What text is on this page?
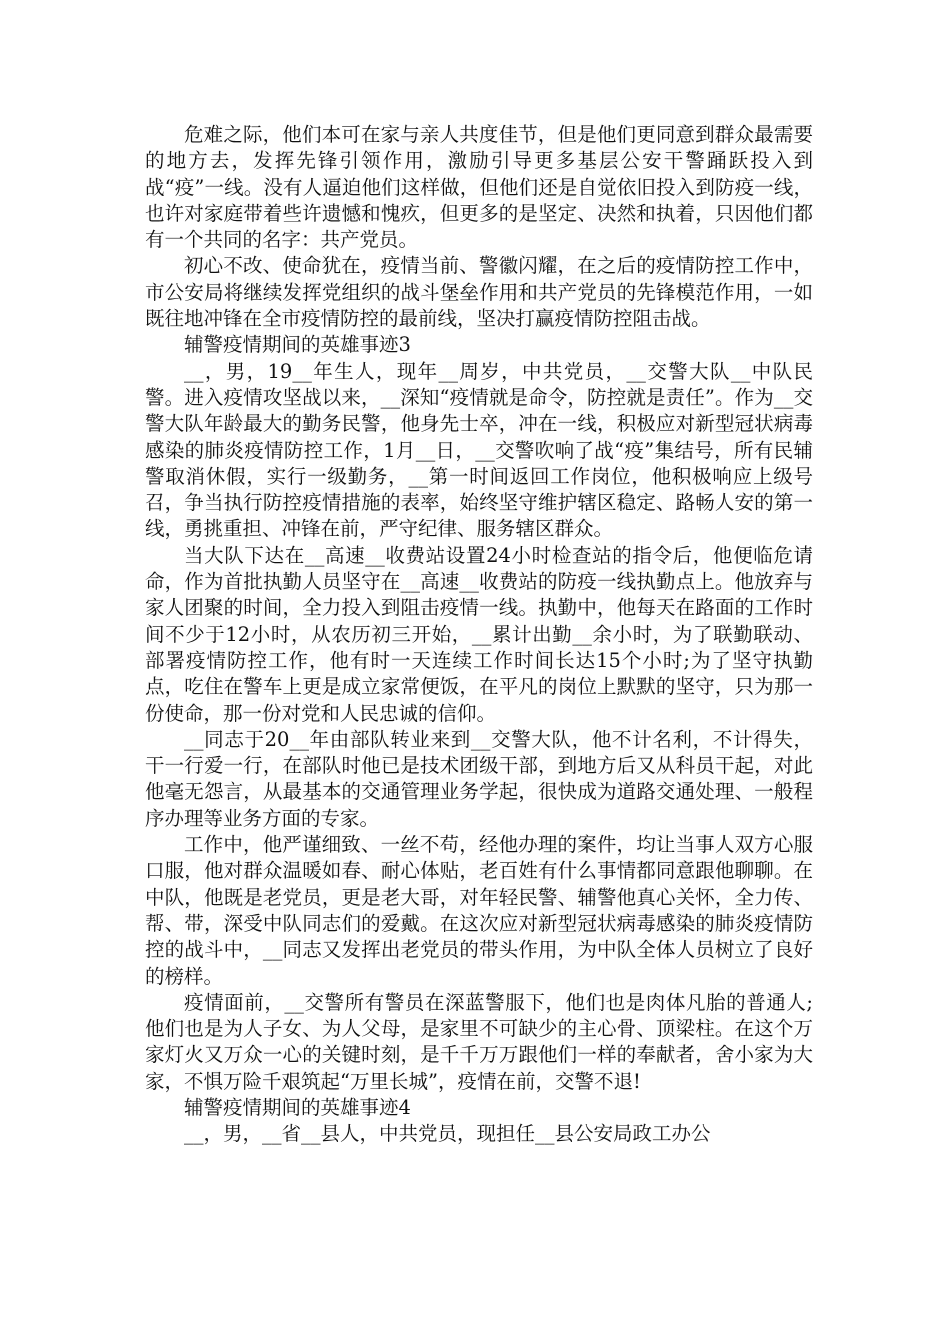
危难之际，他们本可在家与亲人共度佳节，但是他们更同意到群众最需要的地方去，发挥先锋引领作用，激励引导更多基层公安干警踊跃投入到战“疫”一线。没有人逼迫他们这样做，但他们还是自觉依旧投入到防疫一线，也许对家庭带着些许遗憾和愧疚，但更多的是坚定、决然和执着，只因他们都有一个共同的名字：共产党员。

初心不改、使命犹在，疫情当前、警徽闪耀，在之后的疫情防控工作中，市公安局将继续发挥党组织的战斗堡垒作用和共产党员的先锋模范作用，一如既往地冲锋在全市疫情防控的最前线，坚决打赢疫情防控阻击战。

辅警疫情期间的英雄事迹3

__，男，19__年生人，现年__周岁，中共党员，__交警大队__中队民警。进入疫情攻坚战以来，__深知“疫情就是命令，防控就是责任”。作为__交警大队年龄最大的勤务民警，他身先士卒，冲在一线，积极应对新型冠状病毒感染的肺炎疫情防控工作，1月__日，__交警吹响了战“疫”集结号，所有民辅警取消休假，实行一级勤务，__第一时间返回工作岗位，他积极响应上级号召，争当执行防控疫情措施的表率，始终坚守维护辖区稳定、路畅人安的第一线，勇挑重担、冲锋在前，严守纪律、服务辖区群众。

当大队下达在__高速__收费站设置24小时检查站的指令后，他便临危请命，作为首批执勤人员坚守在__高速__收费站的防疫一线执勤点上。他放弃与家人团聚的时间，全力投入到阻击疫情一线。执勤中，他每天在路面的工作时间不少于12小时，从农历初三开始，__累计出勤__余小时，为了联勤联动、部署疫情防控工作，他有时一天连续工作时间长达15个小时;为了坚守执勤点，吃住在警车上更是成立家常便饭，在平凡的岗位上默默的坚守，只为那一份使命，那一份对党和人民忠诚的信仰。

__同志于20__年由部队转业来到__交警大队，他不计名利，不计得失，干一行爱一行，在部队时他已是技术团级干部，到地方后又从科员干起，对此他毫无怨言，从最基本的交通管理业务学起，很快成为道路交通处理、一般程序办理等业务方面的专家。

工作中，他严谨细致、一丝不苟，经他办理的案件，均让当事人双方心服口服，他对群众温暖如春、耐心体贴，老百姓有什么事情都同意跟他聊聊。在中队，他既是老党员，更是老大哥，对年轻民警、辅警他真心关怀，全力传、帮、带，深受中队同志们的爱戴。在这次应对新型冠状病毒感染的肺炎疫情防控的战斗中，__同志又发挥出老党员的带头作用，为中队全体人员树立了良好的榜样。

疫情面前，__交警所有警员在深蓝警服下，他们也是肉体凡胎的普通人;他们也是为人子女、为人父母，是家里不可缺少的主心骨、顶梁柱。在这个万家灯火又万众一心的关键时刻，是千千万万跟他们一样的奉献者，舍小家为大家，不惧万险千艰筑起“万里长城”，疫情在前，交警不退!

辅警疫情期间的英雄事迹4

__，男，__省__县人，中共党员，现担任__县公安局政工办公
